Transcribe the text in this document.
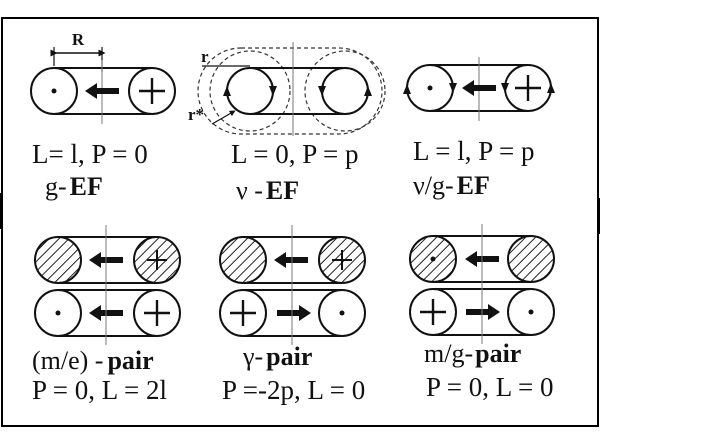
R
L= l, P = 0
g- EF
r
r*
L = 0, P = p
ν - EF
L = l, P = p
ν/g- EF
(m/e) - pair
P = 0, L = 2l
γ- pair
P =-2p, L = 0
m/g-pair
P = 0, L = 0
